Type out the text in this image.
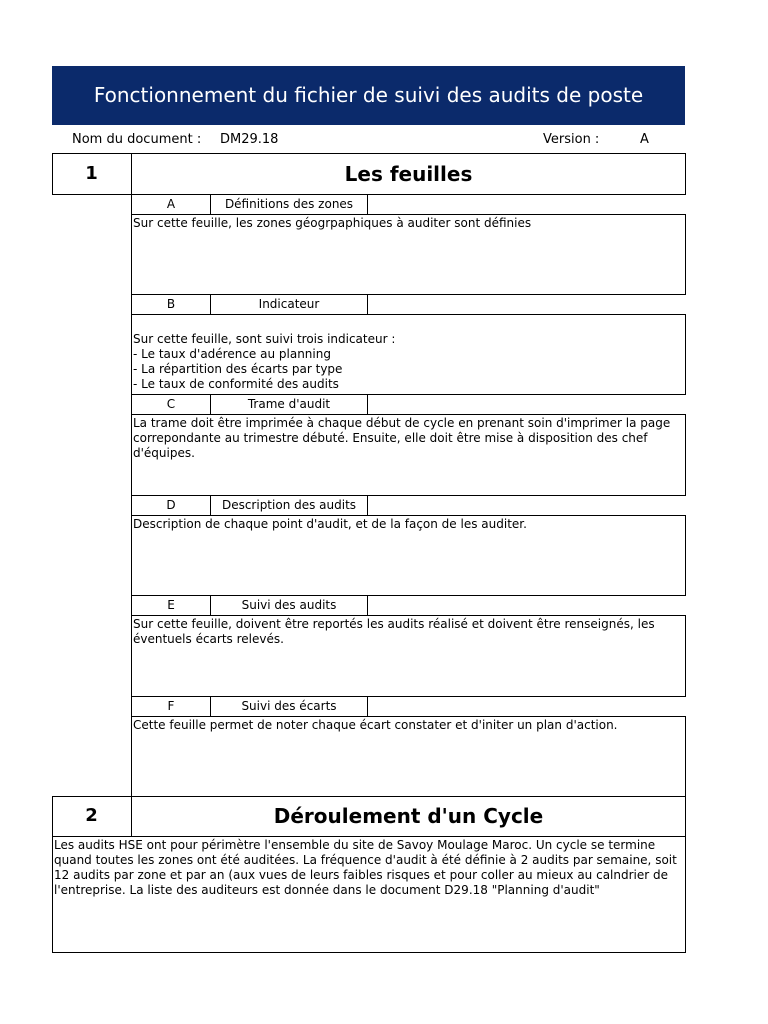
Fonctionnement du fichier de suivi des audits de poste
Nom du document : DM29.18	Version :	A
1	Les feuilles
A	Définitions des zones
Sur cette feuille, les zones géogrpaphiques à auditer sont définies
B	Indicateur
Sur cette feuille, sont suivi trois indicateur :
- Le taux d'adérence au planning
- La répartition des écarts par type
- Le taux de conformité des audits
C	Trame d'audit
La trame doit être imprimée à chaque début de cycle en prenant soin d'imprimer la page correpondante au trimestre débuté. Ensuite, elle doit être mise à disposition des chef d'équipes.
D	Description des audits
Description de chaque point d'audit, et de la façon de les auditer.
E	Suivi des audits
Sur cette feuille, doivent être reportés les audits réalisé et doivent être renseignés, les éventuels écarts relevés.
F	Suivi des écarts
Cette feuille permet de noter chaque écart constater et d'initer un plan d'action.
2	Déroulement d'un Cycle
Les audits HSE ont pour périmètre l'ensemble du site de Savoy Moulage Maroc. Un cycle se termine quand toutes les zones ont été auditées. La fréquence d'audit à été définie à 2 audits par semaine, soit 12 audits par zone et par an (aux vues de leurs faibles risques et pour coller au mieux au calndrier de l'entreprise. La liste des auditeurs est donnée dans le document D29.18 "Planning d'audit"
